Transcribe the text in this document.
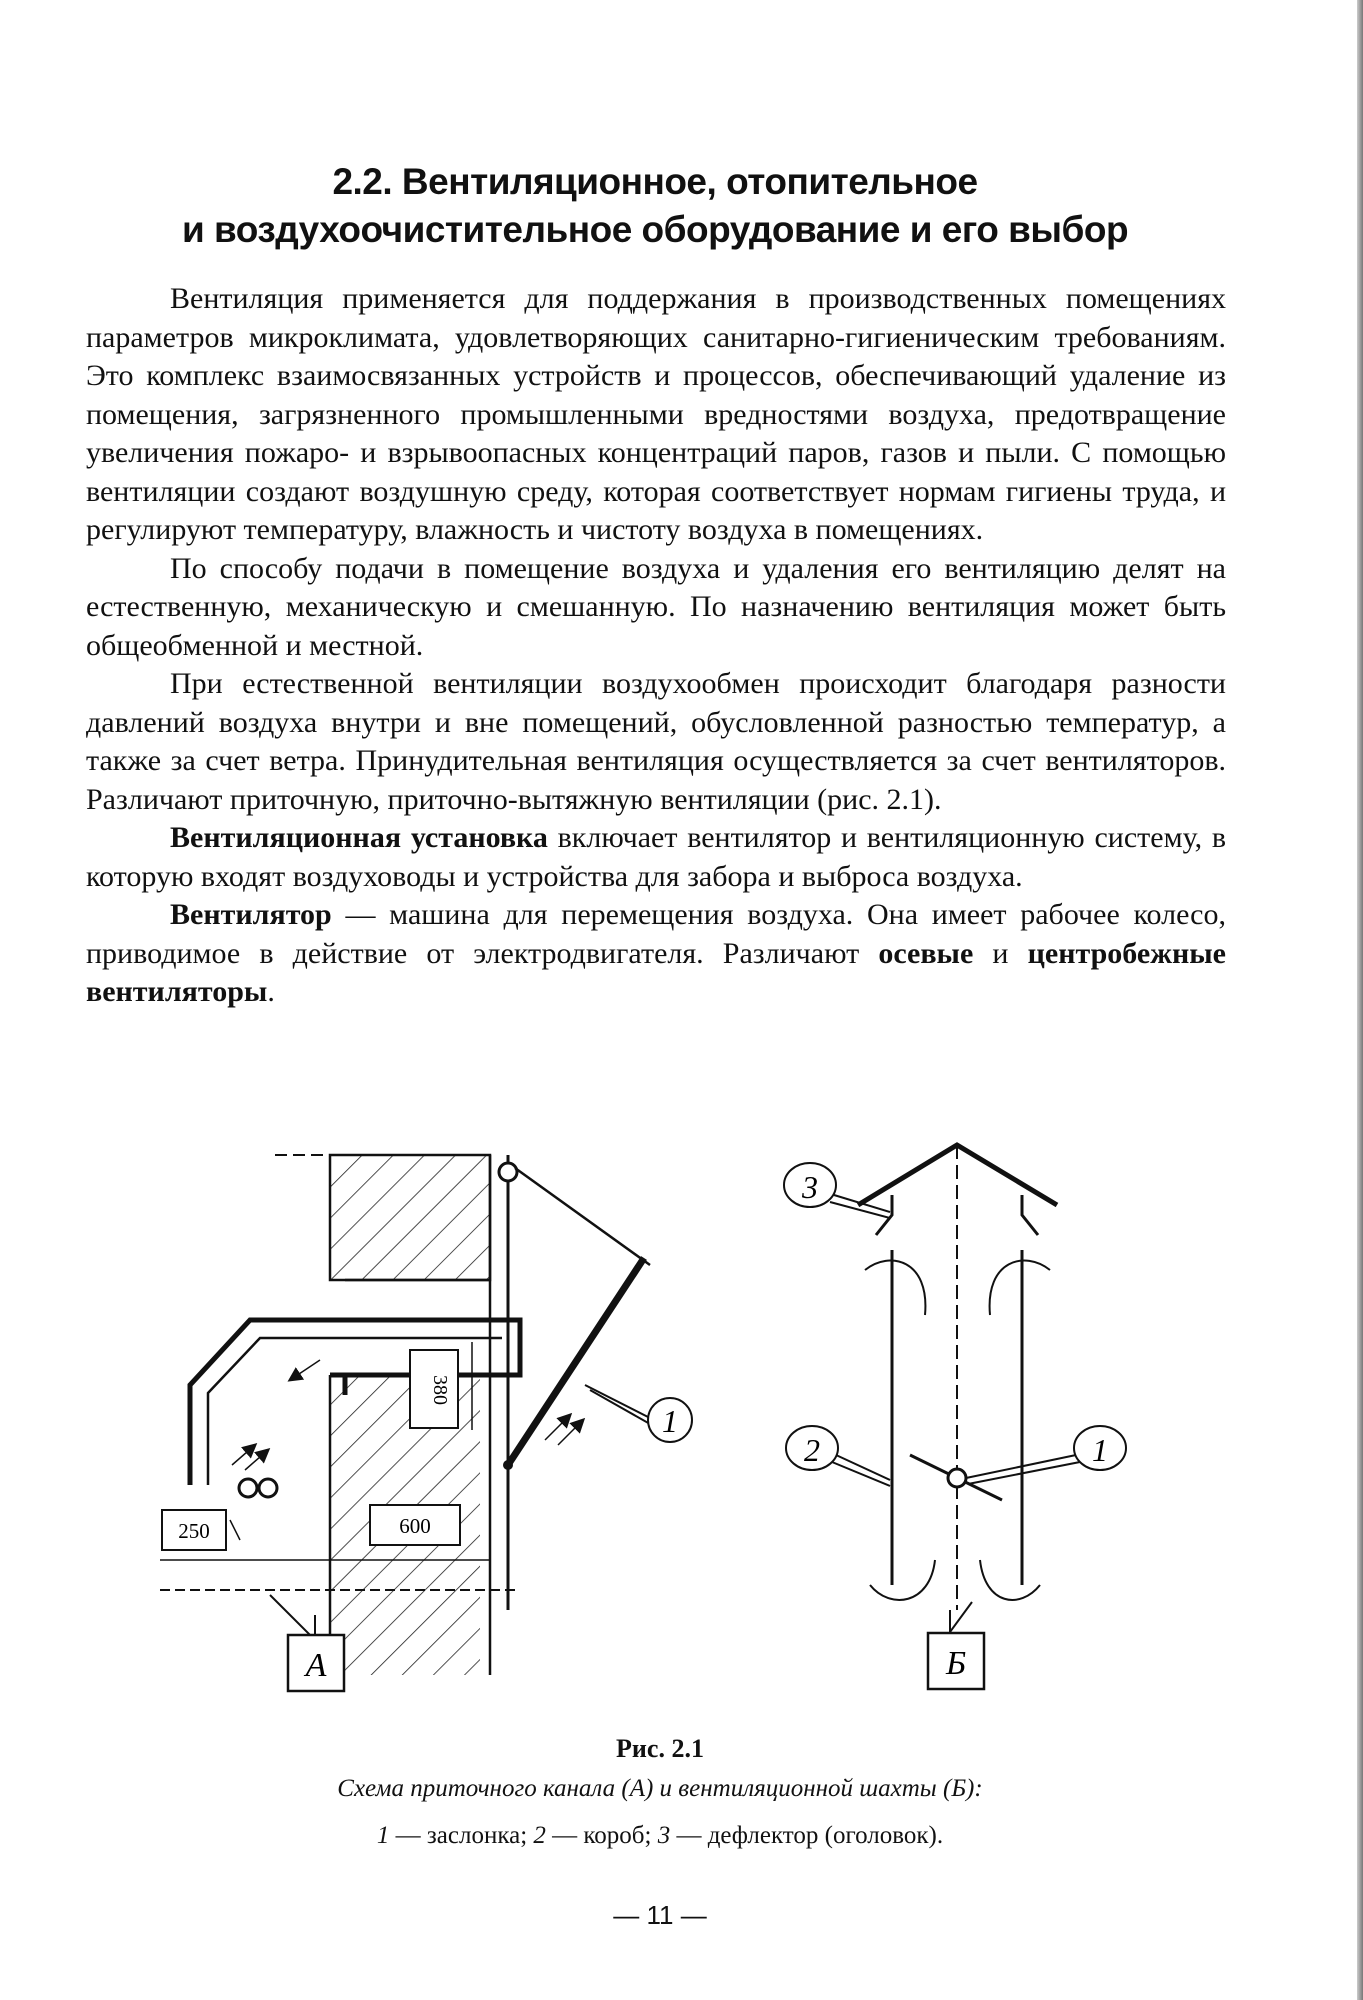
2.2. Вентиляционное, отопительное
и воздухоочистительное оборудование и его выбор

Вентиляция применяется для поддержания в производственных помещениях параметров микроклимата, удовлетворяющих санитарно-гигиеническим требованиям. Это комплекс взаимосвязанных устройств и процессов, обеспечивающий удаление из помещения, загрязненного промышленными вредностями воздуха, предотвращение увеличения пожаро- и взрывоопасных концентраций паров, газов и пыли. С помощью вентиляции создают воздушную среду, которая соответствует нормам гигиены труда, и регулируют температуру, влажность и чистоту воздуха в помещениях.

По способу подачи в помещение воздуха и удаления его вентиляцию делят на естественную, механическую и смешанную. По назначению вентиляция может быть общеобменной и местной.

При естественной вентиляции воздухообмен происходит благодаря разности давлений воздуха внутри и вне помещений, обусловленной разностью температур, а также за счет ветра. Принудительная вентиляция осуществляется за счет вентиляторов. Различают приточную, приточно-вытяжную вентиляции (рис. 2.1).

Вентиляционная установка включает вентилятор и вентиляционную систему, в которую входят воздуховоды и устройства для забора и выброса воздуха.

Вентилятор — машина для перемещения воздуха. Она имеет рабочее колесо, приводимое в действие от электродвигателя. Различают осевые и центробежные вентиляторы.

380
250	600
1
А
3
2	1
Б
Рис. 2.1
Схема приточного канала (А) и вентиляционной шахты (Б):
1 — заслонка; 2 — короб; 3 — дефлектор (оголовок).
— 11 —
